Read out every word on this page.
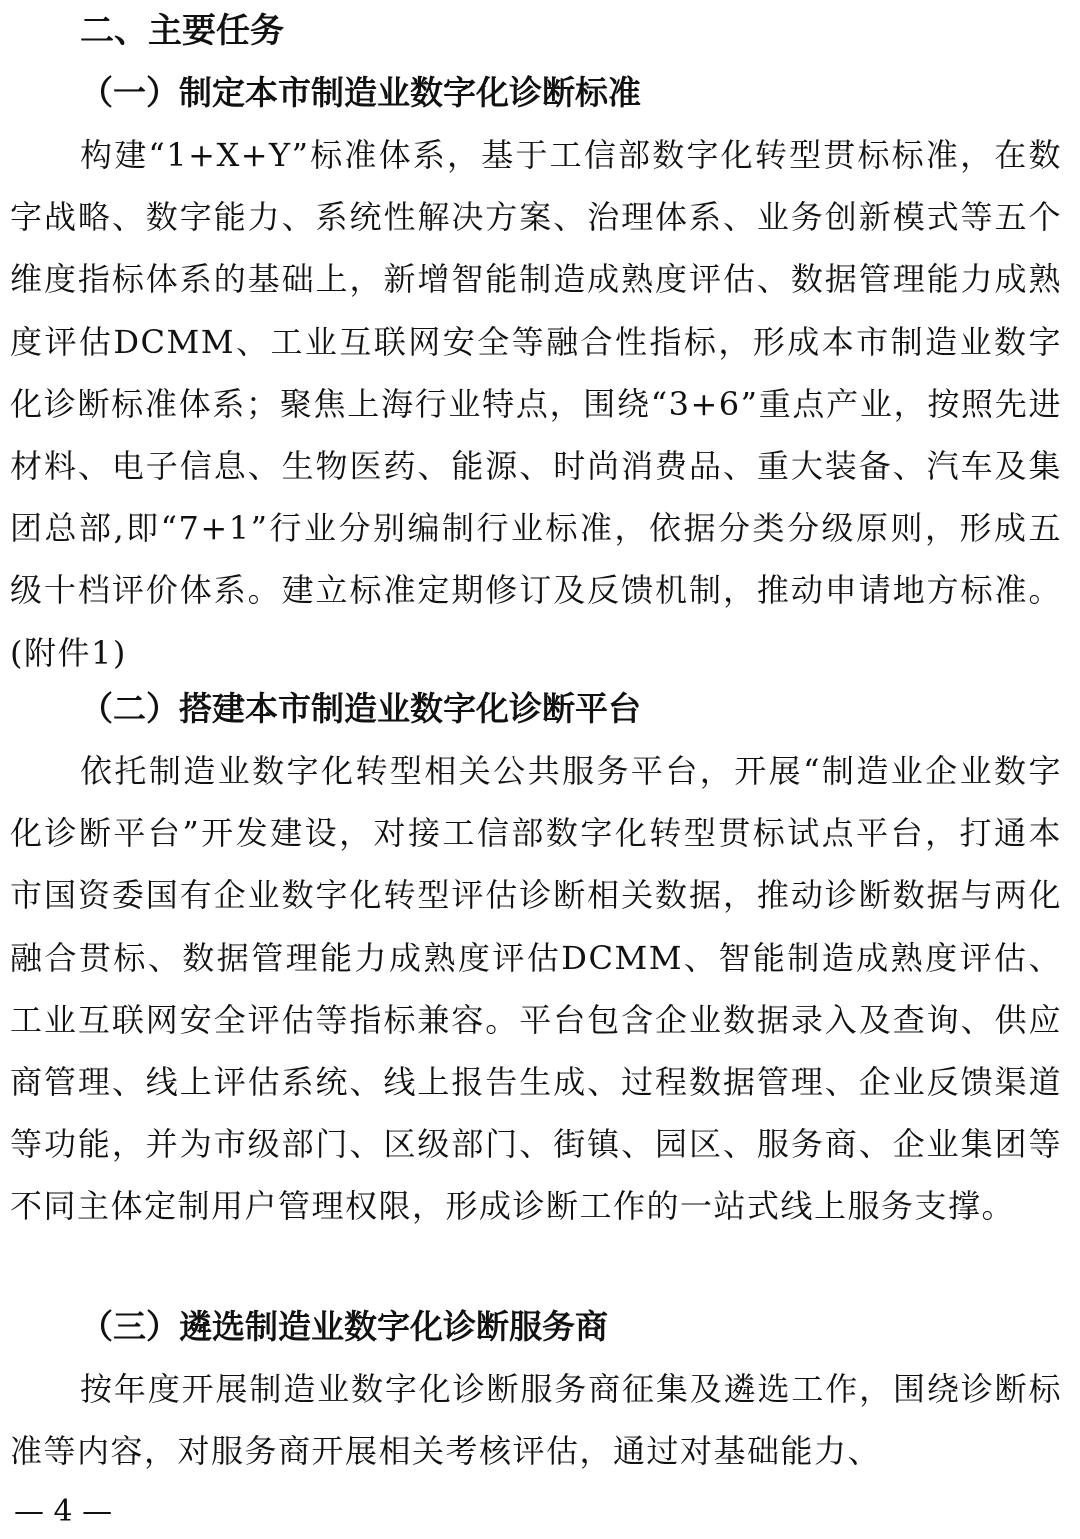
二、主要任务
（一）制定本市制造业数字化诊断标准

构建“1+X+Y”标准体系，基于工信部数字化转型贯标标准，在数字战略、数字能力、系统性解决方案、治理体系、业务创新模式等五个维度指标体系的基础上，新增智能制造成熟度评估、数据管理能力成熟度评估DCMM、工业互联网安全等融合性指标，形成本市制造业数字化诊断标准体系；聚焦上海行业特点，围绕“3+6”重点产业，按照先进材料、电子信息、生物医药、能源、时尚消费品、重大装备、汽车及集团总部,即“7+1”行业分别编制行业标准，依据分类分级原则，形成五级十档评价体系。建立标准定期修订及反馈机制，推动申请地方标准。(附件1)

（二）搭建本市制造业数字化诊断平台

依托制造业数字化转型相关公共服务平台，开展“制造业企业数字化诊断平台”开发建设，对接工信部数字化转型贯标试点平台，打通本市国资委国有企业数字化转型评估诊断相关数据，推动诊断数据与两化融合贯标、数据管理能力成熟度评估DCMM、智能制造成熟度评估、工业互联网安全评估等指标兼容。平台包含企业数据录入及查询、供应商管理、线上评估系统、线上报告生成、过程数据管理、企业反馈渠道等功能，并为市级部门、区级部门、街镇、园区、服务商、企业集团等不同主体定制用户管理权限，形成诊断工作的一站式线上服务支撑。

（三）遴选制造业数字化诊断服务商

按年度开展制造业数字化诊断服务商征集及遴选工作，围绕诊断标准等内容，对服务商开展相关考核评估，通过对基础能力、

— 4 —
